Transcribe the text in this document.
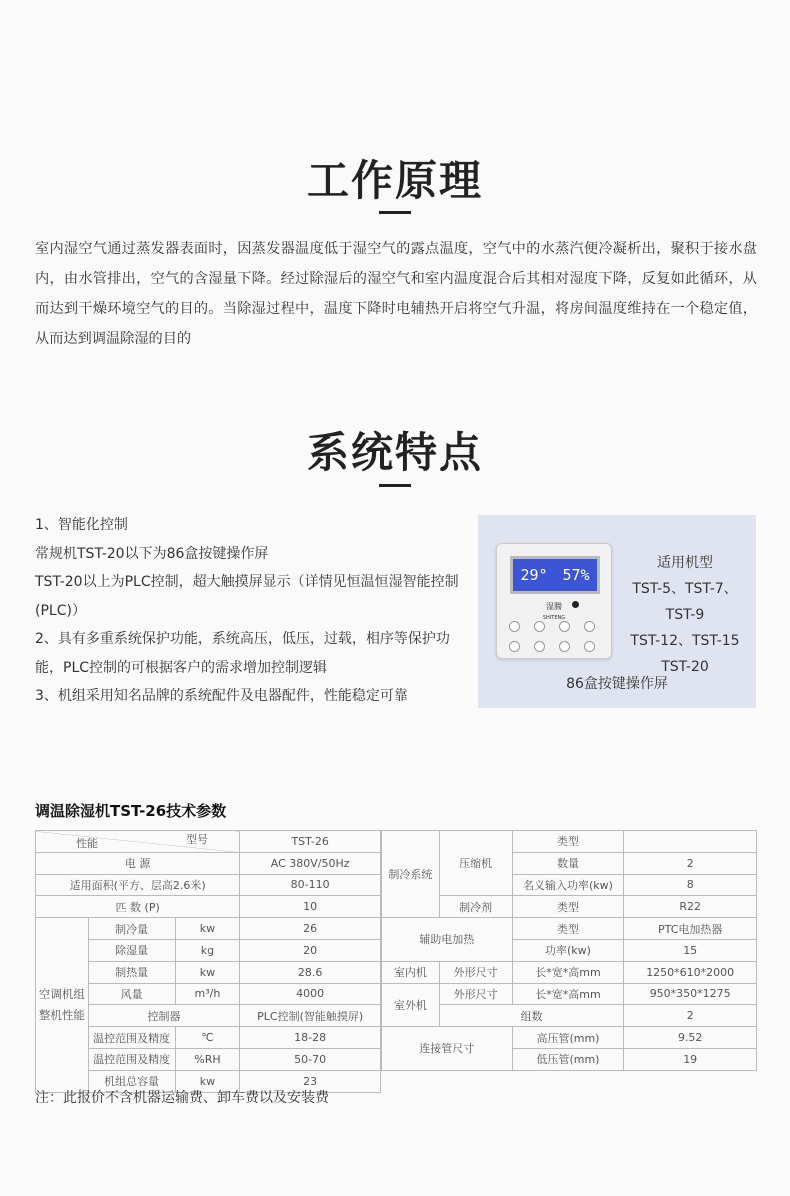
工作原理
室内湿空气通过蒸发器表面时，因蒸发器温度低于湿空气的露点温度，空气中的水蒸汽便冷凝析出，聚积于接水盘内，由水管排出，空气的含湿量下降。经过除湿后的湿空气和室内温度混合后其相对湿度下降，反复如此循环，从而达到干燥环境空气的目的。当除湿过程中，温度下降时电辅热开启将空气升温，将房间温度维持在一个稳定值，从而达到调温除湿的目的
系统特点
1、智能化控制
常规机TST-20以下为86盒按键操作屏
TST-20以上为PLC控制，超大触摸屏显示（详情见恒温恒湿智能控制(PLC)）
2、具有多重系统保护功能，系统高压，低压，过载，相序等保护功能，PLC控制的可根据客户的需求增加控制逻辑
3、机组采用知名品牌的系统配件及电器配件，性能稳定可靠
29° 57%
湿腾
SHITENG
适用机型
TST-5、TST-7、TST-9
TST-12、TST-15
TST-20
86盒按键操作屏
调温除湿机TST-26技术参数
性能 型号			TST-26
电 源			AC 380V/50Hz
适用面积(平方、层高2.6米)			80-110
匹 数 (P)			10
空调机组整机性能	制冷量	kw	26
	除湿量	kg	20
	制热量	kw	28.6
	风量	m³/h	4000
	控制器		PLC控制(智能触摸屏)
	温控范围及精度	℃	18-28
	温控范围及精度	%RH	50-70
	机组总容量	kw	23
制冷系统	压缩机	类型	
		数量	2
		名义输入功率(kw)	8
	制冷剂	类型	R22
辅助电加热		类型	PTC电加热器
		功率(kw)	15
室内机	外形尺寸	长*宽*高mm	1250*610*2000
室外机	外形尺寸	长*宽*高mm	950*350*1275
	组数		2
连接管尺寸		高压管(mm)	9.52
		低压管(mm)	19
注：此报价不含机器运输费、卸车费以及安装费
